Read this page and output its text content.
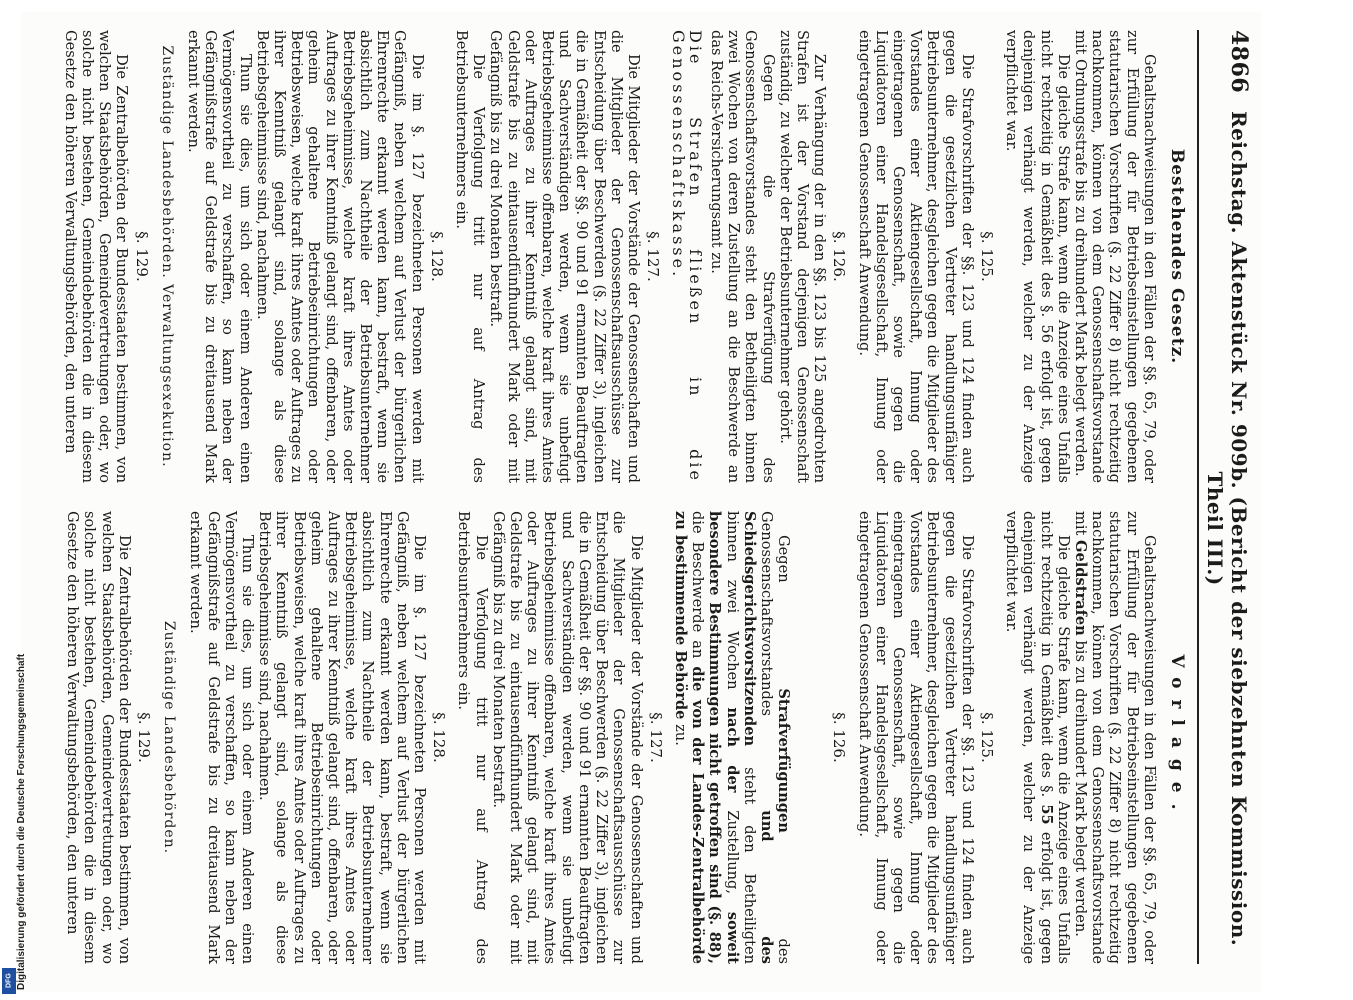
4866
Reichstag. Aktenstück Nr. 909b. (Bericht der siebzehnten Kommission. Theil III.)
Bestehendes Gesetz.

Gehaltsnachweisungen in den Fällen der §§. 65, 79, oder zur Erfüllung der für Betriebseinstellungen gegebenen statutarischen Vorschriften (§. 22 Ziffer 8) nicht rechtzeitig nachkommen, können von dem Genossenschaftsvorstande mit Ordnungsstrafe bis zu dreihundert Mark belegt werden.

Die gleiche Strafe kann, wenn die Anzeige eines Unfalls nicht rechtzeitig in Gemäßheit des §. 56 erfolgt ist, gegen denjenigen verhängt werden, welcher zu der Anzeige verpflichtet war.

§. 125.

Die Strafvorschriften der §§. 123 und 124 finden auch gegen die gesetzlichen Vertreter handlungsunfähiger Betriebsunternehmer, desgleichen gegen die Mitglieder des Vorstandes einer Aktiengesellschaft, Innung oder eingetragenen Genossenschaft, sowie gegen die Liquidatoren einer Handelsgesellschaft, Innung oder eingetragenen Genossenschaft Anwendung.

§. 126.

Zur Verhängung der in den §§. 123 bis 125 angedrohten Strafen ist der Vorstand derjenigen Genossenschaft zuständig, zu welcher der Betriebsunternehmer gehört.

Gegen die Strafverfügung des Genossenschaftsvorstandes steht den Betheiligten binnen zwei Wochen von deren Zustellung an die Beschwerde an das Reichs-Versicherungsamt zu.

Die Strafen fließen in die Genossenschaftskasse.

§. 127.

Die Mitglieder der Vorstände der Genossenschaften und die Mitglieder der Genossenschaftsausschüsse zur Entscheidung über Beschwerden (§. 22 Ziffer 3), ingleichen die in Gemäßheit der §§. 90 und 91 ernannten Beauftragten und Sachverständigen werden, wenn sie unbefugt Betriebsgeheimnisse offenbaren, welche kraft ihres Amtes oder Auftrages zu ihrer Kenntniß gelangt sind, mit Geldstrafe bis zu eintausendfünfhundert Mark oder mit Gefängniß bis zu drei Monaten bestraft.

Die Verfolgung tritt nur auf Antrag des Betriebsunternehmers ein.

§. 128.

Die im §. 127 bezeichneten Personen werden mit Gefängniß, neben welchem auf Verlust der bürgerlichen Ehrenrechte erkannt werden kann, bestraft, wenn sie absichtlich zum Nachtheile der Betriebsunternehmer Betriebsgeheimnisse, welche kraft ihres Amtes oder Auftrages zu ihrer Kenntniß gelangt sind, offenbaren, oder geheim gehaltene Betriebseinrichtungen oder Betriebsweisen, welche kraft ihres Amtes oder Auftrages zu ihrer Kenntniß gelangt sind, solange als diese Betriebsgeheimnisse sind, nachahmen.

Thun sie dies, um sich oder einem Anderen einen Vermögensvortheil zu verschaffen, so kann neben der Gefängnißstrafe auf Geldstrafe bis zu dreitausend Mark erkannt werden.

Zuständige Landesbehörden. Verwaltungsexekution.
§. 129.

Die Zentralbehörden der Bundesstaaten bestimmen, von welchen Staatsbehörden, Gemeindevertretungen oder, wo solche nicht bestehen, Gemeindebehörden die in diesem Gesetze den höheren Verwaltungsbehörden, den unteren

Vorlage.

Gehaltsnachweisungen in den Fällen der §§. 65, 79, oder zur Erfüllung der für Betriebseinstellungen gegebenen statutarischen Vorschriften (§. 22 Ziffer 8) nicht rechtzeitig nachkommen, können von dem Genossenschaftsvorstande mit Geldstrafen bis zu dreihundert Mark belegt werden.

Die gleiche Strafe kann, wenn die Anzeige eines Unfalls nicht rechtzeitig in Gemäßheit des §. 55 erfolgt ist, gegen denjenigen verhängt werden, welcher zu der Anzeige verpflichtet war.

§. 125.

Die Strafvorschriften der §§. 123 und 124 finden auch gegen die gesetzlichen Vertreter handlungsunfähiger Betriebsunternehmer, desgleichen gegen die Mitglieder des Vorstandes einer Aktiengesellschaft, Innung oder eingetragenen Genossenschaft, sowie gegen die Liquidatoren einer Handelsgesellschaft, Innung oder eingetragenen Genossenschaft Anwendung.

§. 126.

Gegen Strafverfügungen des Genossenschaftsvorstandes und des Schiedsgerichtsvorsitzenden steht den Betheiligten binnen zwei Wochen nach der Zustellung, soweit besondere Bestimmungen nicht getroffen sind (§. 88), die Beschwerde an die von der Landes-Zentralbehörde zu bestimmende Behörde zu.

§. 127.

Die Mitglieder der Vorstände der Genossenschaften und die Mitglieder der Genossenschaftsausschüsse zur Entscheidung über Beschwerden (§. 22 Ziffer 3), ingleichen die in Gemäßheit der §§. 90 und 91 ernannten Beauftragten und Sachverständigen werden, wenn sie unbefugt Betriebsgeheimnisse offenbaren, welche kraft ihres Amtes oder Auftrages zu ihrer Kenntniß gelangt sind, mit Geldstrafe bis zu eintausendfünfhundert Mark oder mit Gefängniß bis zu drei Monaten bestraft.

Die Verfolgung tritt nur auf Antrag des Betriebsunternehmers ein.

§. 128.

Die im §. 127 bezeichneten Personen werden mit Gefängniß, neben welchem auf Verlust der bürgerlichen Ehrenrechte erkannt werden kann, bestraft, wenn sie absichtlich zum Nachtheile der Betriebsunternehmer Betriebsgeheimnisse, welche kraft ihres Amtes oder Auftrages zu ihrer Kenntniß gelangt sind, offenbaren, oder geheim gehaltene Betriebseinrichtungen oder Betriebsweisen, welche kraft ihres Amtes oder Auftrages zu ihrer Kenntniß gelangt sind, solange als diese Betriebsgeheimnisse sind, nachahmen.

Thun sie dies, um sich oder einem Anderen einen Vermögensvortheil zu verschaffen, so kann neben der Gefängnißstrafe auf Geldstrafe bis zu dreitausend Mark erkannt werden.

Zuständige Landesbehörden.
§. 129.

Die Zentralbehörden der Bundesstaaten bestimmen, von welchen Staatsbehörden, Gemeindevertretungen oder, wo solche nicht bestehen, Gemeindebehörden die in diesem Gesetze den höheren Verwaltungsbehörden, den unteren

Digitalisierung gefördert durch die Deutsche Forschungsgemeinschaft
DFG
